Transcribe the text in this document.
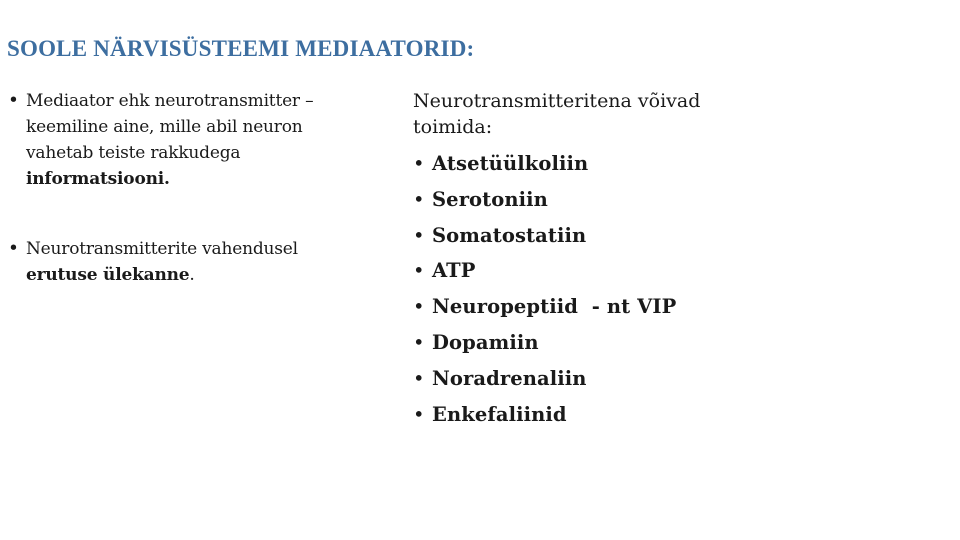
SOOLE NÄRVISÜSTEEMI MEDIAATORID:
• Mediaator ehk neurotransmitter –
keemiline aine, mille abil neuron
vahetab teiste rakkudega
informatsiooni.
• Neurotransmitterite vahendusel
erutuse ülekanne.

Neurotransmitteritena võivad
toimida:

• Atsetüülkoliin
• Serotoniin
• Somatostatiin
• ATP
• Neuropeptiid  - nt VIP
• Dopamiin
• Noradrenaliin
• Enkefaliinid
